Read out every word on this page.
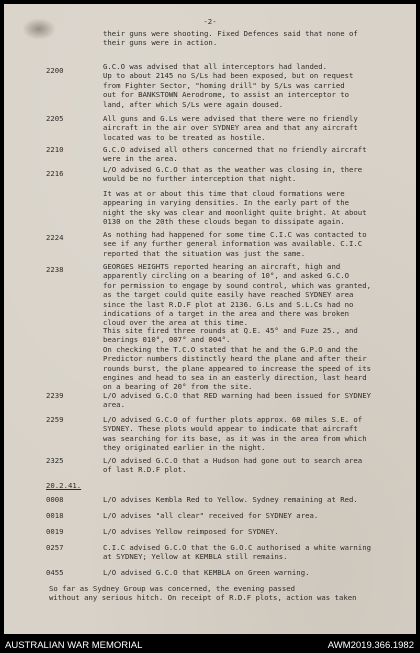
-2-
their guns were shooting. Fixed Defences said that none of
their guns were in action.
2200	G.C.O was advised that all interceptors had landed.
Up to about 2145 no S/Ls had been exposed, but on request
from Fighter Sector, "homing drill" by S/Ls was carried
out for BANKSTOWN Aerodrome, to assist an interceptor to
land, after which S/Ls were again doused.
2205	All guns and G.Ls were advised that there were no friendly
aircraft in the air over SYDNEY area and that any aircraft
located was to be treated as hostile.
2210	G.C.O advised all others concerned that no friendly aircraft
were in the area.
2216	L/O advised G.C.O that as the weather was closing in, there
would be no further interception that night.
It was at or about this time that cloud formations were
appearing in varying densities. In the early part of the
night the sky was clear and moonlight quite bright. At about
0130 on the 20th these clouds began to dissipate again.
2224	As nothing had happened for some time C.I.C was contacted to
see if any further general information was available. C.I.C
reported that the situation was just the same.
2238	GEORGES HEIGHTS reported hearing an aircraft, high and
apparently circling on a bearing of 10°, and asked G.C.O
for permission to engage by sound control, which was granted,
as the target could quite easily have reached SYDNEY area
since the last R.D.F plot at 2136. G.Ls and S.L.Cs had no
indications of a target in the area and there was broken
cloud over the area at this time.
This site fired three rounds at Q.E. 45° and Fuze 25., and
bearings 010°, 007° and 004°.
On checking the T.C.O stated that he and the G.P.O and the
Predictor numbers distinctly heard the plane and after their
rounds burst, the plane appeared to increase the speed of its
engines and head to sea in an easterly direction, last heard
on a bearing of 20° from the site.
2239	L/O advised G.C.O that RED warning had been issued for SYDNEY
area.
2259	L/O advised G.C.O of further plots approx. 60 miles S.E. of
SYDNEY. These plots would appear to indicate that aircraft
was searching for its base, as it was in the area from which
they originated earlier in the night.
2325	L/O advised G.C.O that a Hudson had gone out to search area
of last R.D.F plot.
20.2.41.
0008	L/O advises Kembla Red to Yellow. Sydney remaining at Red.
0018	L/O advises "all clear" received for SYDNEY area.
0019	L/O advises Yellow reimposed for SYDNEY.
0257	C.I.C advised G.C.O that the G.O.C authorised a white warning
at SYDNEY; Yellow at KEMBLA still remains.
0455	L/O advised G.C.O that KEMBLA on Green warning.
So far as Sydney Group was concerned, the evening passed
without any serious hitch. On receipt of R.D.F plots, action was taken
AUSTRALIAN WAR MEMORIAL	AWM2019.366.1982
